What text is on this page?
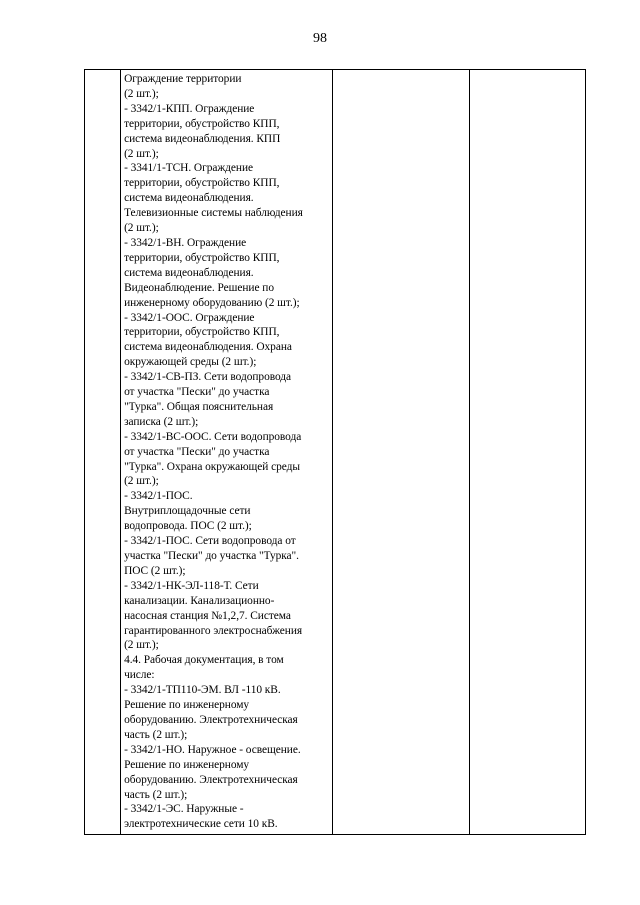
98

Ограждение территории
(2 шт.);
- 3342/1-КПП. Ограждение
территории, обустройство КПП,
система видеонаблюдения. КПП
(2 шт.);
- 3341/1-ТСН. Ограждение
территории, обустройство КПП,
система видеонаблюдения.
Телевизионные системы наблюдения
(2 шт.);
- 3342/1-ВН. Ограждение
территории, обустройство КПП,
система видеонаблюдения.
Видеонаблюдение. Решение по
инженерному оборудованию (2 шт.);
- 3342/1-ООС. Ограждение
территории, обустройство КПП,
система видеонаблюдения. Охрана
окружающей среды (2 шт.);
- 3342/1-СВ-ПЗ. Сети водопровода
от участка "Пески" до участка
"Турка". Общая пояснительная
записка (2 шт.);
- 3342/1-ВС-ООС. Сети водопровода
от участка "Пески" до участка
"Турка". Охрана окружающей среды
(2 шт.);
- 3342/1-ПОС.
Внутриплощадочные сети
водопровода. ПОС (2 шт.);
- 3342/1-ПОС. Сети водопровода от
участка "Пески" до участка "Турка".
ПОС (2 шт.);
- 3342/1-НК-ЭЛ-118-Т. Сети
канализации. Канализационно-
насосная станция №1,2,7. Система
гарантированного электроснабжения
(2 шт.);
4.4. Рабочая документация, в том
числе:
- 3342/1-ТП110-ЭМ. ВЛ -110 кВ.
Решение по инженерному
оборудованию. Электротехническая
часть (2 шт.);
- 3342/1-НО. Наружное - освещение.
Решение по инженерному
оборудованию. Электротехническая
часть (2 шт.);
- 3342/1-ЭС. Наружные -
электротехнические сети 10 кВ.
